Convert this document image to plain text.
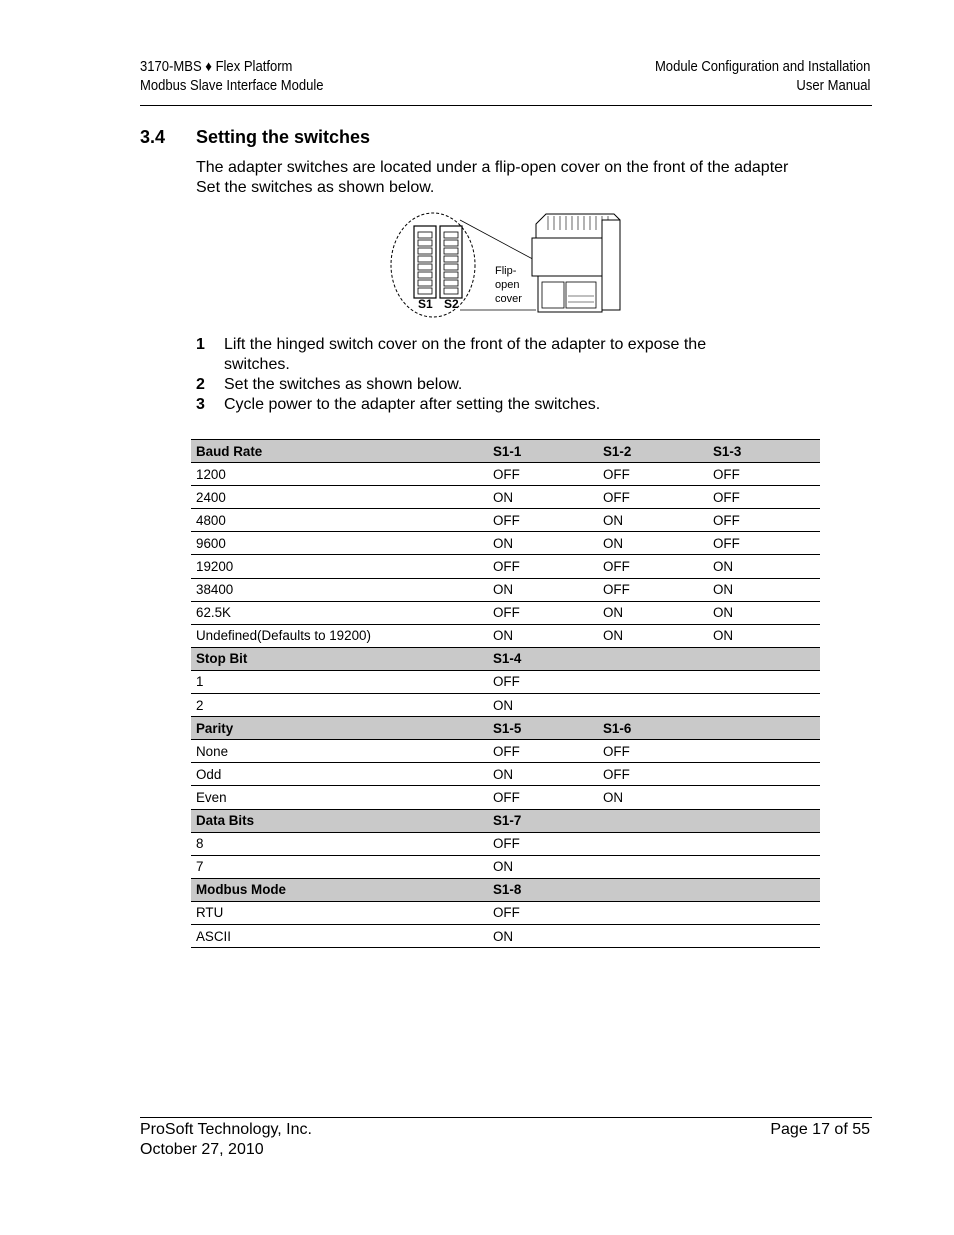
3170-MBS ♦ Flex Platform
Modbus Slave Interface Module
Module Configuration and Installation
User Manual
3.4 Setting the switches
The adapter switches are located under a flip-open cover on the front of the adapter Set the switches as shown below.
S1 S2
Flip-
open
cover
1	Lift the hinged switch cover on the front of the adapter to expose the switches.
2	Set the switches as shown below.
3	Cycle power to the adapter after setting the switches.
Baud Rate	S1-1	S1-2	S1-3
1200	OFF	OFF	OFF
2400	ON	OFF	OFF
4800	OFF	ON	OFF
9600	ON	ON	OFF
19200	OFF	OFF	ON
38400	ON	OFF	ON
62.5K	OFF	ON	ON
Undefined(Defaults to 19200)	ON	ON	ON
Stop Bit	S1-4		
1	OFF		
2	ON		
Parity	S1-5	S1-6	
None	OFF	OFF	
Odd	ON	OFF	
Even	OFF	ON	
Data Bits	S1-7		
8	OFF		
7	ON		
Modbus Mode	S1-8		
RTU	OFF		
ASCII	ON		
ProSoft Technology, Inc.
October 27, 2010
Page 17 of 55
